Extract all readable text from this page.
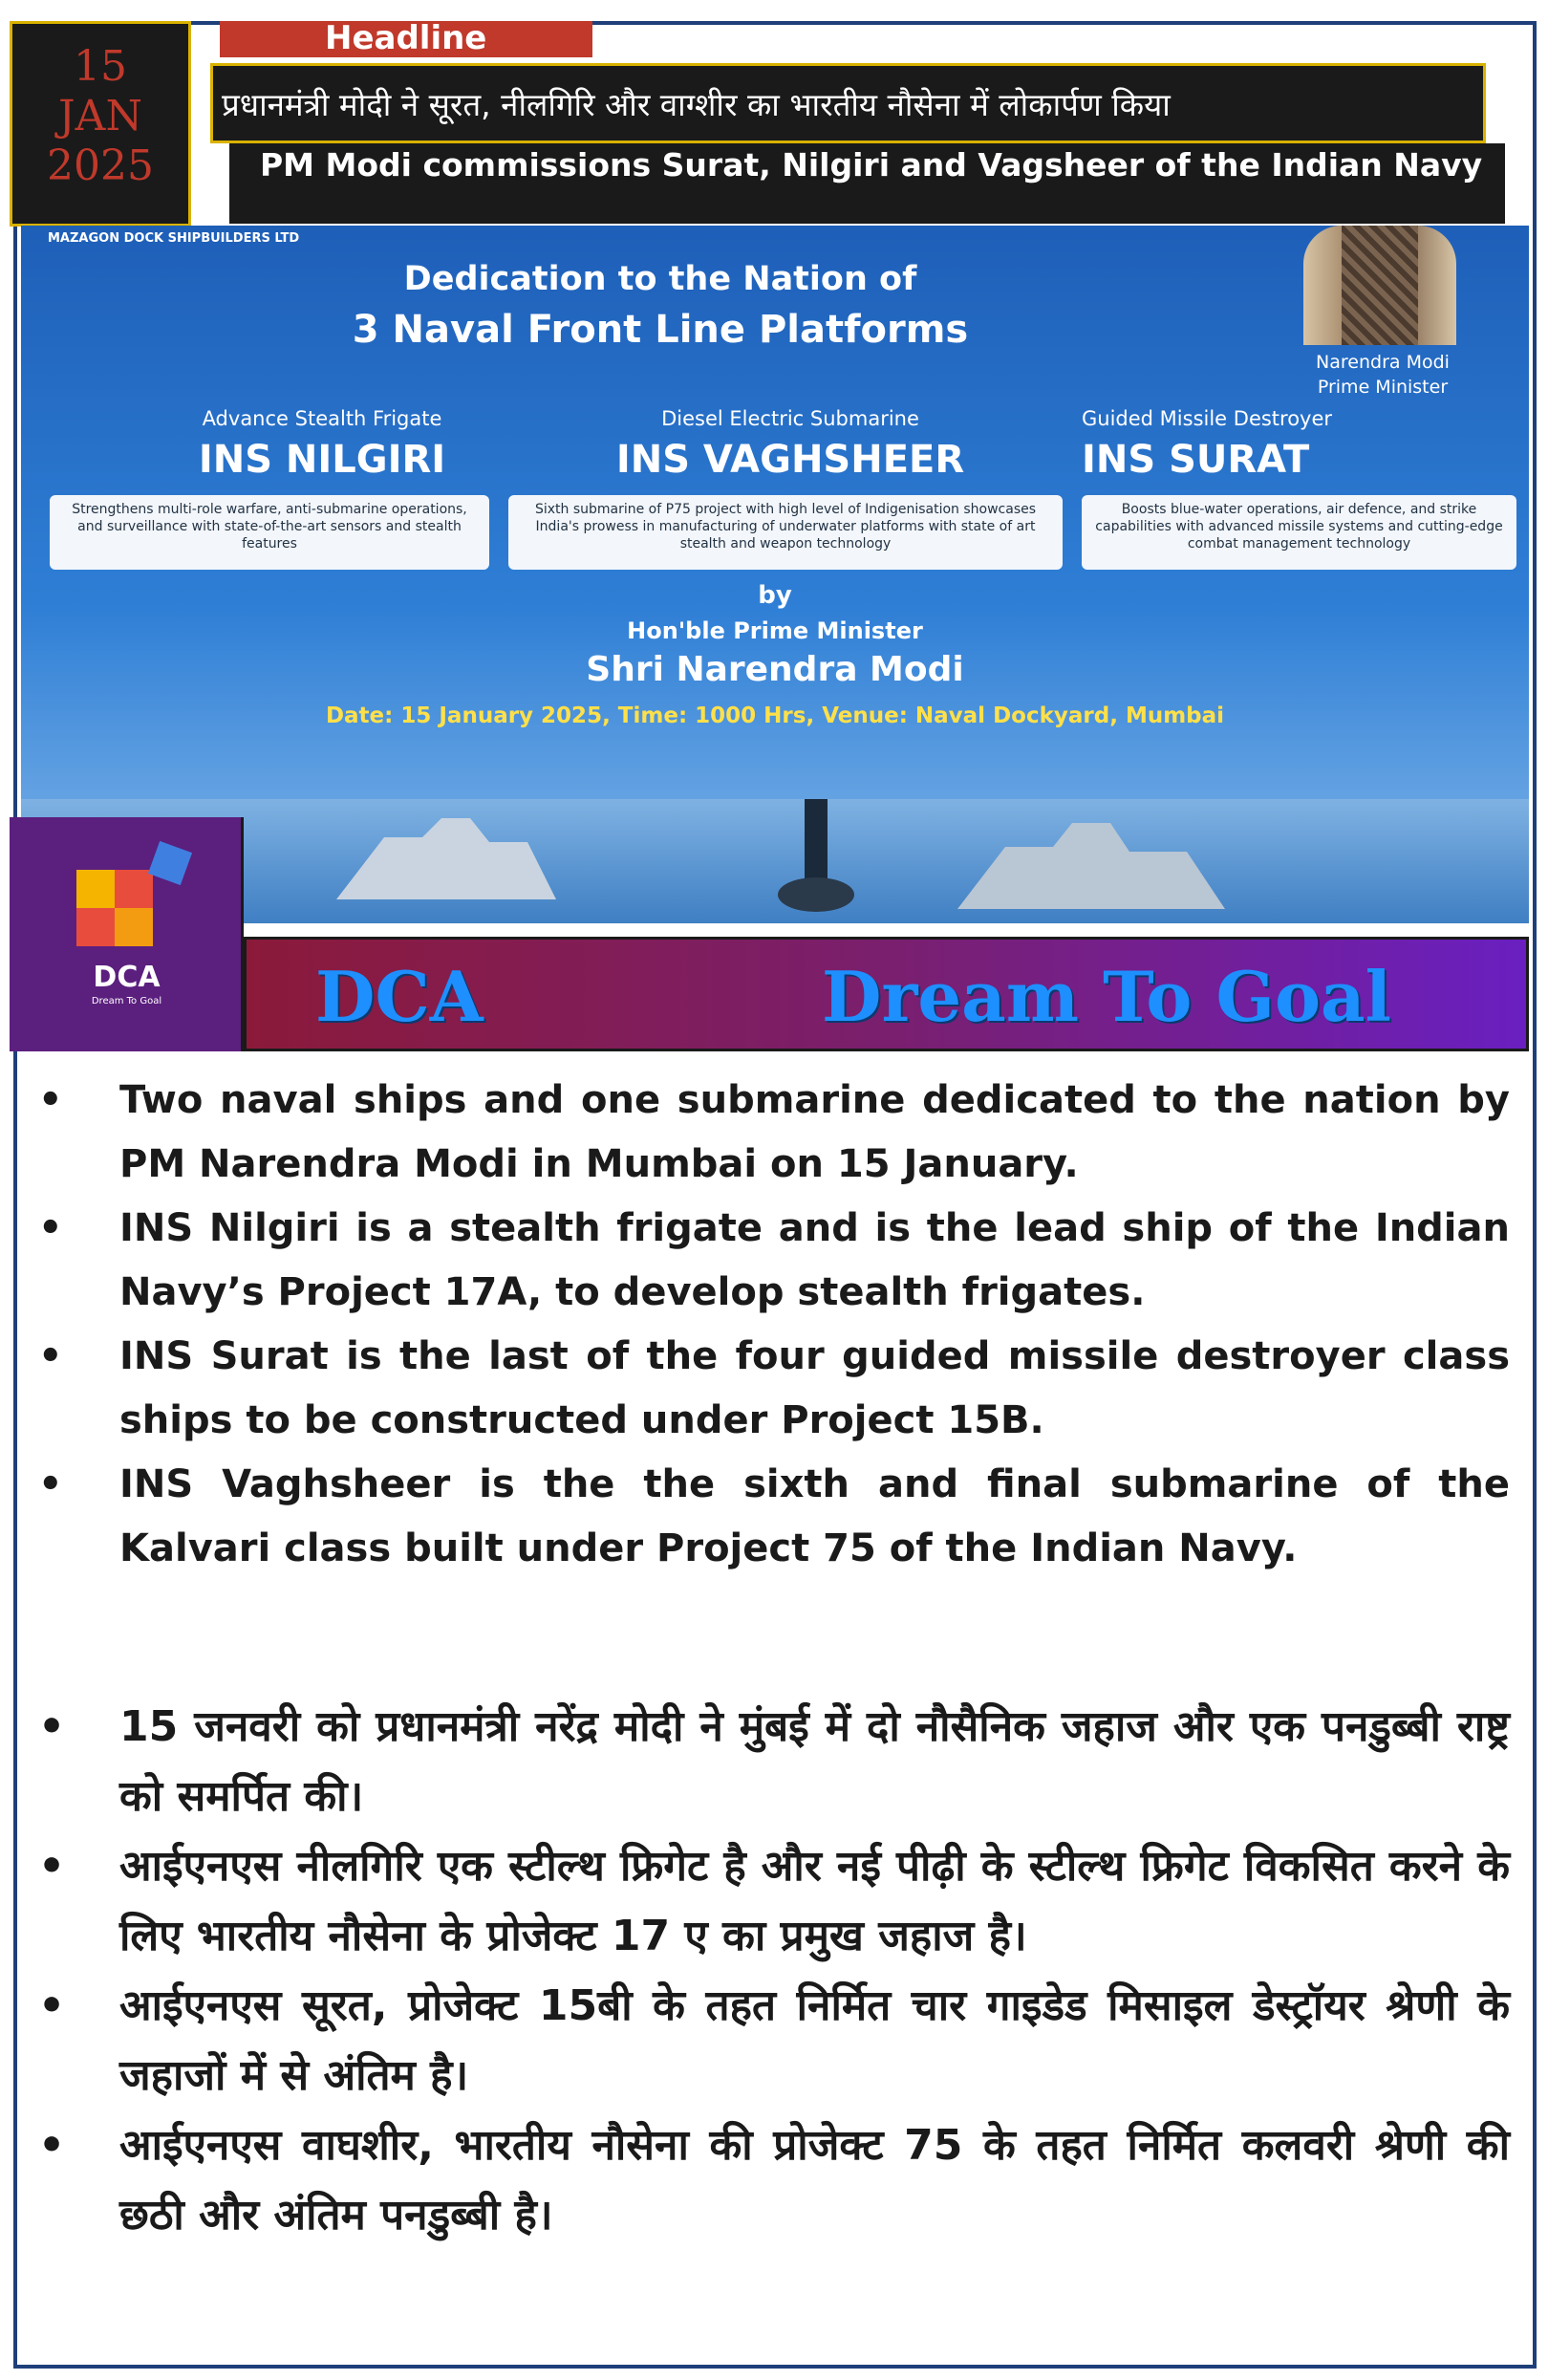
15
JAN
2025
Headline
प्रधानमंत्री मोदी ने सूरत, नीलगिरि और वाग्शीर का भारतीय नौसेना में लोकार्पण किया
PM Modi commissions Surat, Nilgiri and Vagsheer of the Indian Navy
MAZAGON DOCK SHIPBUILDERS LTD
Dedication to the Nation of
3 Naval Front Line Platforms
Narendra Modi
Prime Minister
Advance Stealth Frigate
INS NILGIRI
Strengthens multi-role warfare, anti-submarine operations, and surveillance with state-of-the-art sensors and stealth features
Diesel Electric Submarine
INS VAGHSHEER
Sixth submarine of P75 project with high level of Indigenisation showcases India's prowess in manufacturing of underwater platforms with state of art stealth and weapon technology
Guided Missile Destroyer
INS SURAT
Boosts blue-water operations, air defence, and strike capabilities with advanced missile systems and cutting-edge combat management technology
by
Hon'ble Prime Minister
Shri Narendra Modi
Date: 15 January 2025, Time: 1000 Hrs, Venue: Naval Dockyard, Mumbai
DCA
Dream To Goal	DCA	Dream To Goal
• Two naval ships and one submarine dedicated to the nation by PM Narendra Modi in Mumbai on 15 January.
• INS Nilgiri is a stealth frigate and is the lead ship of the Indian Navy’s Project 17A, to develop stealth frigates.
• INS Surat is the last of the four guided missile destroyer class ships to be constructed under Project 15B.
• INS Vaghsheer is the the sixth and final submarine of the Kalvari class built under Project 75 of the Indian Navy.
• 15 जनवरी को प्रधानमंत्री नरेंद्र मोदी ने मुंबई में दो नौसैनिक जहाज और एक पनडुब्बी राष्ट्र को समर्पित की।
• आईएनएस नीलगिरि एक स्टील्थ फ्रिगेट है और नई पीढ़ी के स्टील्थ फ्रिगेट विकसित करने के लिए भारतीय नौसेना के प्रोजेक्ट 17 ए का प्रमुख जहाज है।
• आईएनएस सूरत, प्रोजेक्ट 15बी के तहत निर्मित चार गाइडेड मिसाइल डेस्ट्रॉयर श्रेणी के जहाजों में से अंतिम है।
• आईएनएस वाघशीर, भारतीय नौसेना की प्रोजेक्ट 75 के तहत निर्मित कलवरी श्रेणी की छठी और अंतिम पनडुब्बी है।
